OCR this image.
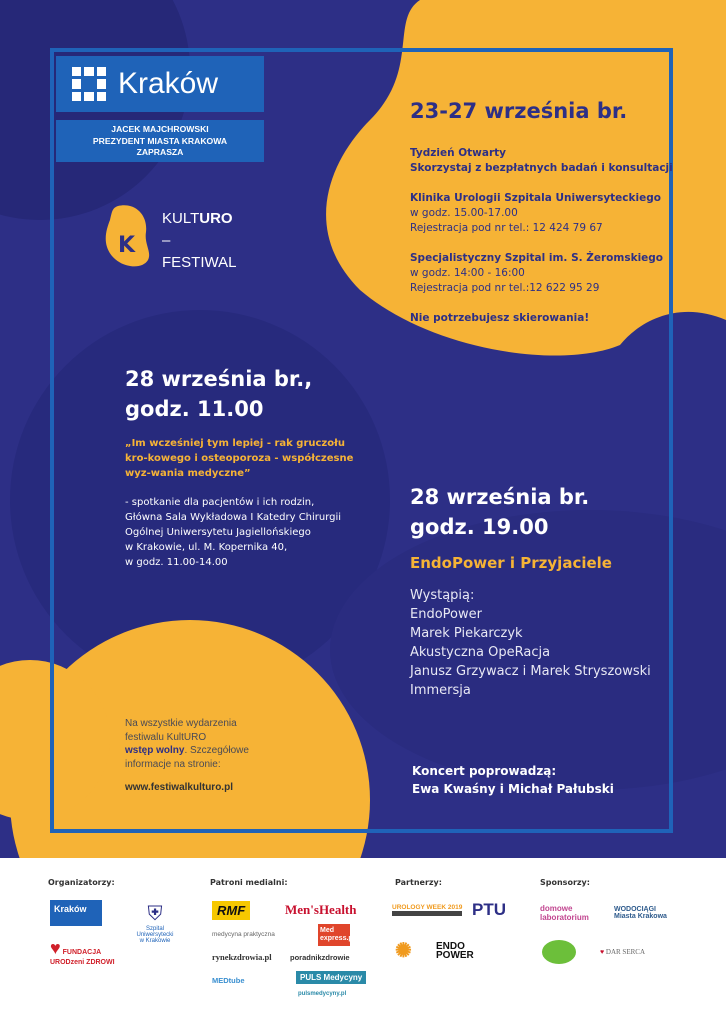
Kraków
JACEK MAJCHROWSKI
PREZYDENT MIASTA KRAKOWA
ZAPRASZA
K
KULTURO
–
FESTIWAL
23-27 września br.
Tydzień Otwarty
Skorzystaj z bezpłatnych badań i konsultacji
Klinika Urologii Szpitala Uniwersyteckiego
w godz. 15.00-17.00
Rejestracja pod nr tel.: 12 424 79 67
Specjalistyczny Szpital im. S. Żeromskiego
w godz. 14:00 - 16:00
Rejestracja pod nr tel.:12 622 95 29
Nie potrzebujesz skierowania!
28 września br.,
godz. 11.00
„Im wcześniej tym lepiej - rak gruczołu kro-kowego i osteoporoza - współczesne wyz-wania medyczne”
- spotkanie dla pacjentów i ich rodzin,
Główna Sala Wykładowa I Katedry Chirurgii
Ogólnej Uniwersytetu Jagiellońskiego
w Krakowie, ul. M. Kopernika 40,
w godz. 11.00-14.00
28 września br.
godz. 19.00
EndoPower i Przyjaciele
Wystąpią:
EndoPower
Marek Piekarczyk
Akustyczna OpeRacja
Janusz Grzywacz i Marek Stryszowski
Immersja
Koncert poprowadzą:
Ewa Kwaśny i Michał Pałubski
Na wszystkie wydarzenia
festiwalu KultURO
wstęp wolny. Szczegółowe
informacje na stronie:
www.festiwalkulturo.pl
Organizatorzy:	Patroni medialni:	Partnerzy:	Sponsorzy:
Kraków
♥ FUNDACJA URODzeni ZDROWI
⛨
Szpital Uniwersytecki w Krakowie
RMF	Men'sHealth
medycyna praktyczna
Med express.pl
rynekzdrowia.pl poradnikzdrowie
MEDtube	PULS Medycyny
pulsmedycyny.pl
UROLOGY WEEK 2019 PTU
✺ ENDO POWER
domowe laboratorium
WODOCIĄGI Miasta Krakowa
♥ DAR SERCA
